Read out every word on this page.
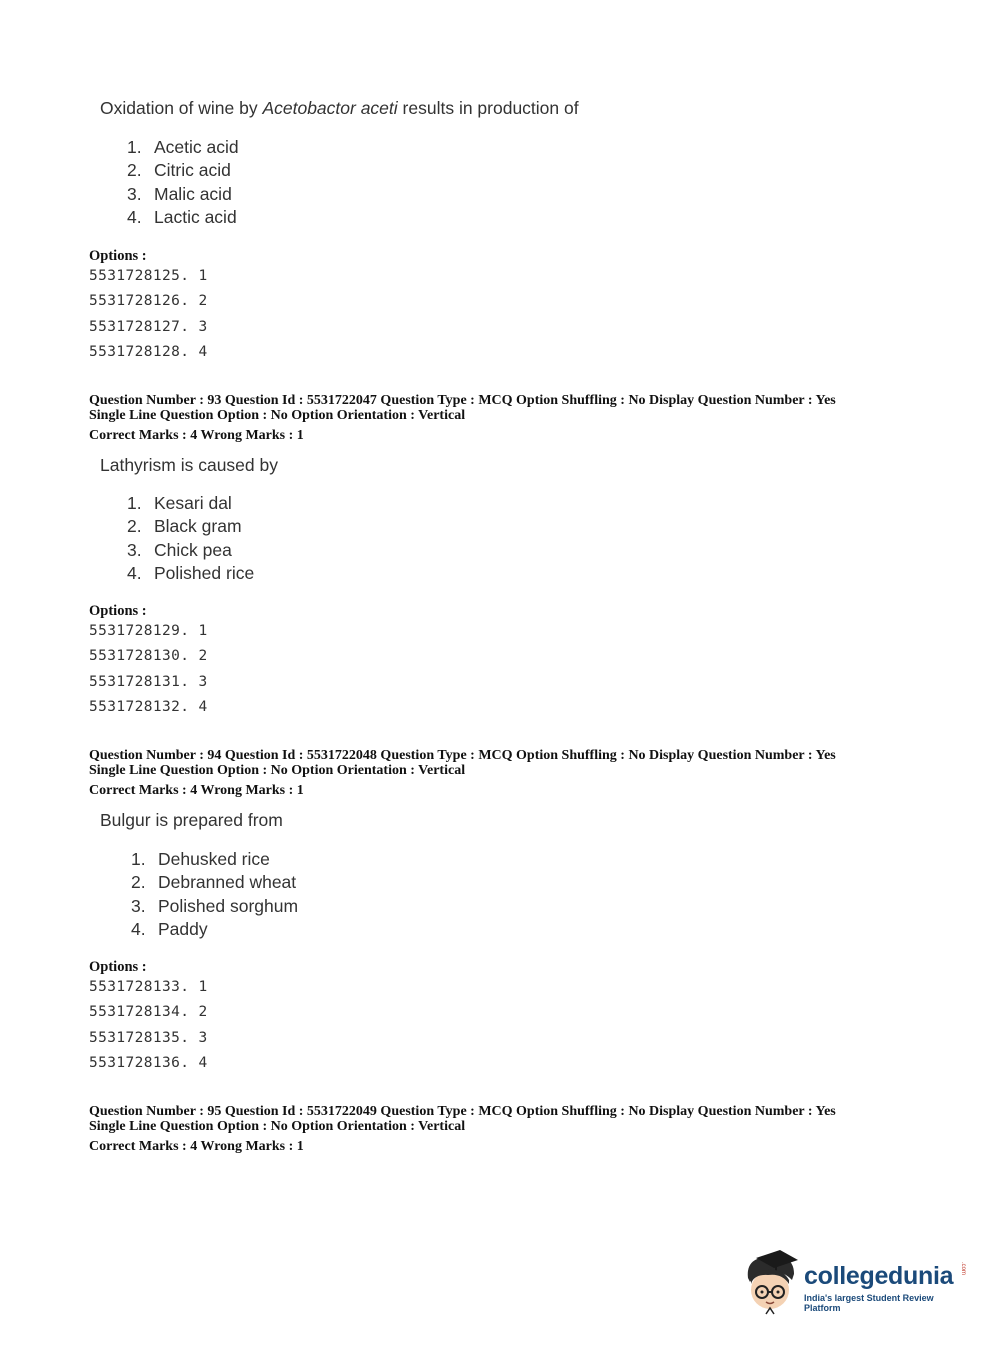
Oxidation of wine by Acetobactor aceti results in production of
1. Acetic acid
2. Citric acid
3. Malic acid
4. Lactic acid
Options :
5531728125. 1
5531728126. 2
5531728127. 3
5531728128. 4
Question Number : 93 Question Id : 5531722047 Question Type : MCQ Option Shuffling : No Display Question Number : Yes
Single Line Question Option : No Option Orientation : Vertical
Correct Marks : 4 Wrong Marks : 1
Lathyrism is caused by
1. Kesari dal
2. Black gram
3. Chick pea
4. Polished rice
Options :
5531728129. 1
5531728130. 2
5531728131. 3
5531728132. 4
Question Number : 94 Question Id : 5531722048 Question Type : MCQ Option Shuffling : No Display Question Number : Yes
Single Line Question Option : No Option Orientation : Vertical
Correct Marks : 4 Wrong Marks : 1
Bulgur is prepared from
1. Dehusked rice
2. Debranned wheat
3. Polished sorghum
4. Paddy
Options :
5531728133. 1
5531728134. 2
5531728135. 3
5531728136. 4
Question Number : 95 Question Id : 5531722049 Question Type : MCQ Option Shuffling : No Display Question Number : Yes
Single Line Question Option : No Option Orientation : Vertical
Correct Marks : 4 Wrong Marks : 1
collegedunia .com
India's largest Student Review Platform
